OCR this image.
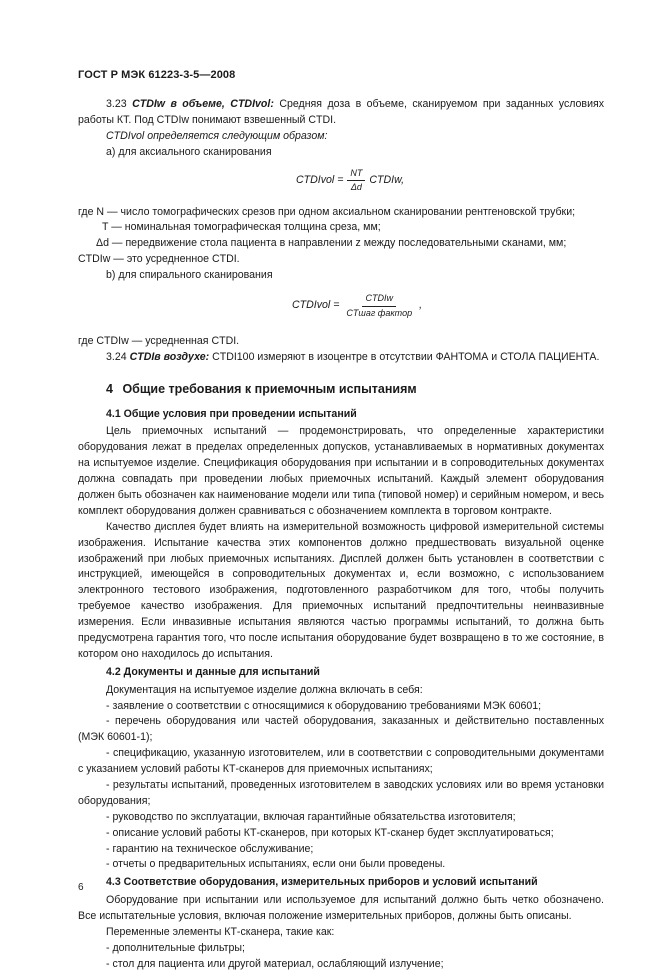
ГОСТ Р МЭК 61223-3-5—2008

3.23 CTDIw в объеме, CTDIvol: Средняя доза в объеме, сканируемом при заданных условиях работы КТ. Под CTDIw понимают взвешенный CTDI.

CTDIvol определяется следующим образом:

а) для аксиального сканирования

CTDIvol = $\frac{NT}{\Delta d}$ CTDIw,

где N — число томографических срезов при одном аксиальном сканировании рентгеновской трубки;

T — номинальная томографическая толщина среза, мм;

Δd — передвижение стола пациента в направлении z между последовательными сканами, мм;

CTDIw — это усредненное CTDI.

b) для спирального сканирования

CTDIvol = $\frac{\text{CTDIw}}{\text{CTшаг фактор}}$ ,

где CTDIw — усредненная CTDI.

3.24 CTDIв воздухе: CTDI100 измеряют в изоцентре в отсутствии ФАНТОМА и СТОЛА ПАЦИЕНТА.

4 Общие требования к приемочным испытаниям
4.1 Общие условия при проведении испытаний

Цель приемочных испытаний — продемонстрировать, что определенные характеристики оборудования лежат в пределах определенных допусков, устанавливаемых в нормативных документах на испытуемое изделие. Спецификация оборудования при испытании и в сопроводительных документах должна совпадать при проведении любых приемочных испытаний. Каждый элемент оборудования должен быть обозначен как наименование модели или типа (типовой номер) и серийным номером, и весь комплект оборудования должен сравниваться с обозначением комплекта в торговом контракте.

Качество дисплея будет влиять на измерительной возможность цифровой измерительной системы изображения. Испытание качества этих компонентов должно предшествовать визуальной оценке изображений при любых приемочных испытаниях. Дисплей должен быть установлен в соответствии с инструкцией, имеющейся в сопроводительных документах и, если возможно, с использованием электронного тестового изображения, подготовленного разработчиком для того, чтобы получить требуемое качество изображения. Для приемочных испытаний предпочтительны неинвазивные измерения. Если инвазивные испытания являются частью программы испытаний, то должна быть предусмотрена гарантия того, что после испытания оборудование будет возвращено в то же состояние, в котором оно находилось до испытания.

4.2 Документы и данные для испытаний

Документация на испытуемое изделие должна включать в себя:

- заявление о соответствии с относящимися к оборудованию требованиями МЭК 60601;

- перечень оборудования или частей оборудования, заказанных и действительно поставленных (МЭК 60601-1);

- спецификацию, указанную изготовителем, или в соответствии с сопроводительными документами с указанием условий работы КТ-сканеров для приемочных испытаниях;

- результаты испытаний, проведенных изготовителем в заводских условиях или во время установки оборудования;

- руководство по эксплуатации, включая гарантийные обязательства изготовителя;

- описание условий работы КТ-сканеров, при которых КТ-сканер будет эксплуатироваться;

- гарантию на техническое обслуживание;

- отчеты о предварительных испытаниях, если они были проведены.

4.3 Соответствие оборудования, измерительных приборов и условий испытаний

Оборудование при испытании или используемое для испытаний должно быть четко обозначено. Все испытательные условия, включая положение измерительных приборов, должны быть описаны.

Переменные элементы КТ-сканера, такие как:

- дополнительные фильтры;

- стол для пациента или другой материал, ослабляющий излучение;

6
